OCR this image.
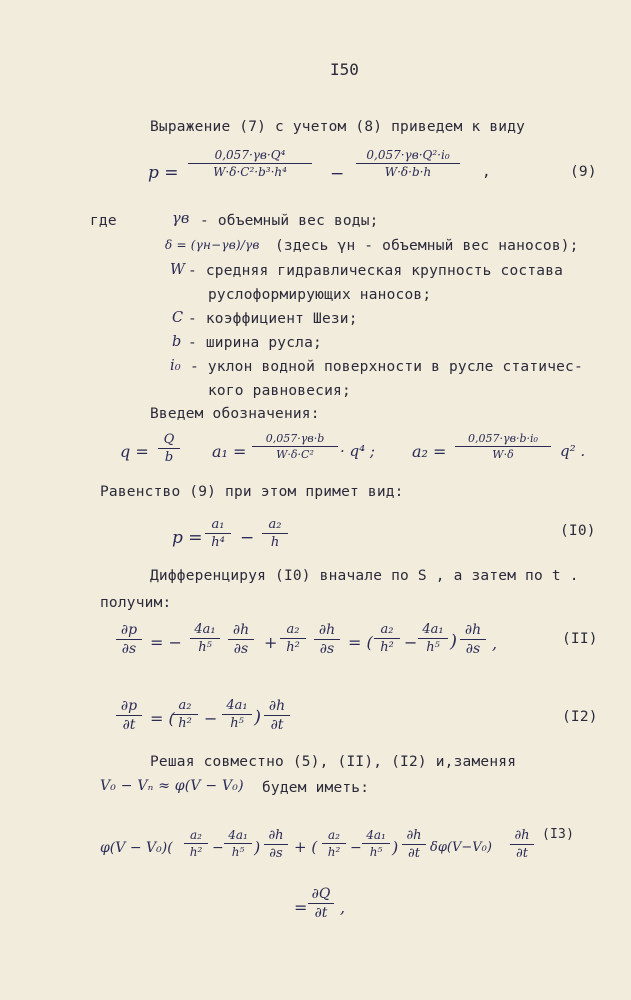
I50
Выражение (7) с учетом (8) приведем к виду
p =
0,057·γв·Q⁴
W·δ·C²·b³·h⁴	−
0,057·γв·Q²·i₀
W·δ·b·h	,	(9)
где	γв - объемный вес воды;
δ = (γн−γв)/γв (здесь γн - объемный вес наносов);
W - средняя гидравлическая крупность состава
руслоформирующих наносов;
C - коэффициент Шези;
b - ширина русла;
i₀ - уклон водной поверхности в русле статичес-
кого равновесия;
Введем обозначения:
$q = \frac{Q}{b} a_1$ =
0,057·γв·b
W·δ·C²	· q⁴ ; a₂ =
0,057·γв·b·i₀
W·δ	q² .
Равенство (9) при этом примет вид:
$p = \frac{\text{a₁}}{\text{h⁴}} - \frac{\text{a₂}}{h}$	(I0)
Дифференцируя (I0) вначале по S , а затем по t .
получим:
$\frac{\partial p}{\partial s}$ = − $\frac{\text{4a₁}}{\text{h⁵}} \frac{\partial h}{\partial s} + \frac{\text{a₂}}{\text{h²}} \frac{\partial h}{\partial s}$ = ( $\frac{\text{a₂}}{\text{h²}} - \frac{\text{4a₁}}{\text{h⁵}}$ ) $\frac{\partial h}{\partial s}$ ,	(II)
$\frac{\partial p}{\partial t}$ = (
$\frac{\text{a₂}}{\text{h²}} - \frac{\text{4a₁}}{\text{h⁵}}$ ) $\frac{\partial h}{\partial t}$	(I2)
Решая совместно (5), (II), (I2) и,заменяя
V₀ − Vₙ ≈ φ(V − V₀) будем иметь:
$\varphi(V - V_0)( \frac{\text{a₂}}{\text{h²}} - \frac{\text{4a₁}}{\text{h⁵}}$ ) $\frac{\partial h}{\partial s}$ + ( $\frac{\text{a₂}}{\text{h²}} - \frac{\text{4a₁}}{\text{h⁵}}$ ) $\frac{\partial h}{\partial t} \delta\varphi(V-V_0) \frac{\partial h}{\partial t} (I3)$
= $\frac{\partial Q}{\partial t}$ ,
